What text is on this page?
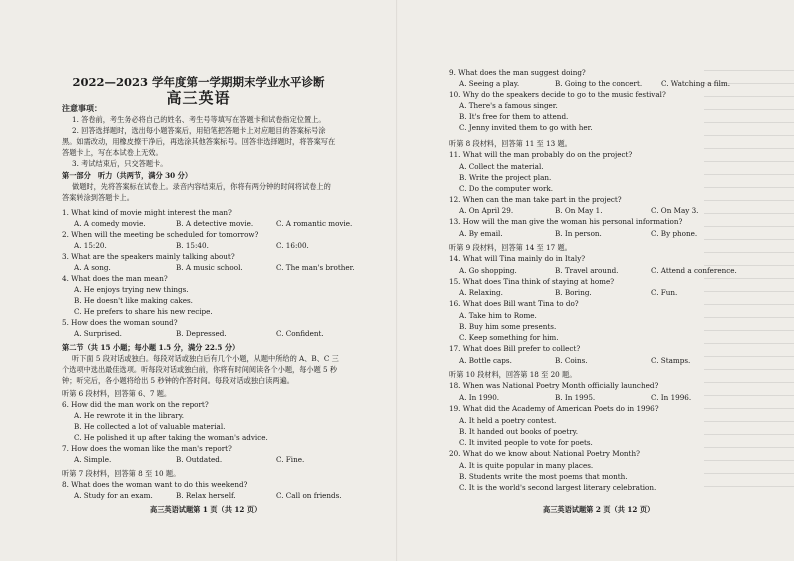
2022—2023 学年度第一学期期末学业水平诊断
高三英语
注意事项：
1. 答卷前，考生务必将自己的姓名、考生号等填写在答题卡和试卷指定位置上。
2. 回答选择题时，选出每小题答案后，用铅笔把答题卡上对应题目的答案标号涂
黑。如需改动，用橡皮擦干净后，再选涂其他答案标号。回答非选择题时，将答案写在
答题卡上，写在本试卷上无效。
3. 考试结束后，只交答题卡。
第一部分　听力（共两节，满分 30 分）
做题时，先将答案标在试卷上。录音内容结束后，你将有两分钟的时间将试卷上的
答案转涂到答题卡上。
1. What kind of movie might interest the man?
A. A comedy movie.	B. A detective movie.	C. A romantic movie.
2. When will the meeting be scheduled for tomorrow?
A. 15:20.	B. 15:40.	C. 16:00.
3. What are the speakers mainly talking about?
A. A song.	B. A music school.	C. The man's brother.
4. What does the man mean?
A. He enjoys trying new things.
B. He doesn't like making cakes.
C. He prefers to share his new recipe.
5. How does the woman sound?
A. Surprised.	B. Depressed.	C. Confident.
第二节（共 15 小题；每小题 1.5 分，满分 22.5 分）
听下面 5 段对话或独白。每段对话或独白后有几个小题，从题中所给的 A、B、C 三
个选项中选出最佳选项。听每段对话或独白前，你将有时间阅读各个小题，每小题 5 秒
钟；听完后，各小题将给出 5 秒钟的作答时间。每段对话或独白读两遍。
听第 6 段材料，回答第 6、7 题。
6. How did the man work on the report?
A. He rewrote it in the library.
B. He collected a lot of valuable material.
C. He polished it up after taking the woman's advice.
7. How does the woman like the man's report?
A. Simple.	B. Outdated.	C. Fine.
听第 7 段材料，回答第 8 至 10 题。
8. What does the woman want to do this weekend?
A. Study for an exam.	B. Relax herself.	C. Call on friends.
高三英语试题第 1 页（共 12 页）
9. What does the man suggest doing?
A. Seeing a play.	B. Going to the concert.	C. Watching a film.
10. Why do the speakers decide to go to the music festival?
A. There's a famous singer.
B. It's free for them to attend.
C. Jenny invited them to go with her.
听第 8 段材料，回答第 11 至 13 题。
11. What will the man probably do on the project?
A. Collect the material.
B. Write the project plan.
C. Do the computer work.
12. When can the man take part in the project?
A. On April 29.	B. On May 1.	C. On May 3.
13. How will the man give the woman his personal information?
A. By email.	B. In person.	C. By phone.
听第 9 段材料，回答第 14 至 17 题。
14. What will Tina mainly do in Italy?
A. Go shopping.	B. Travel around.	C. Attend a conference.
15. What does Tina think of staying at home?
A. Relaxing.	B. Boring.	C. Fun.
16. What does Bill want Tina to do?
A. Take him to Rome.
B. Buy him some presents.
C. Keep something for him.
17. What does Bill prefer to collect?
A. Bottle caps.	B. Coins.	C. Stamps.
听第 10 段材料，回答第 18 至 20 题。
18. When was National Poetry Month officially launched?
A. In 1990.	B. In 1995.	C. In 1996.
19. What did the Academy of American Poets do in 1996?
A. It held a poetry contest.
B. It handed out books of poetry.
C. It invited people to vote for poets.
20. What do we know about National Poetry Month?
A. It is quite popular in many places.
B. Students write the most poems that month.
C. It is the world's second largest literary celebration.
高三英语试题第 2 页（共 12 页）
